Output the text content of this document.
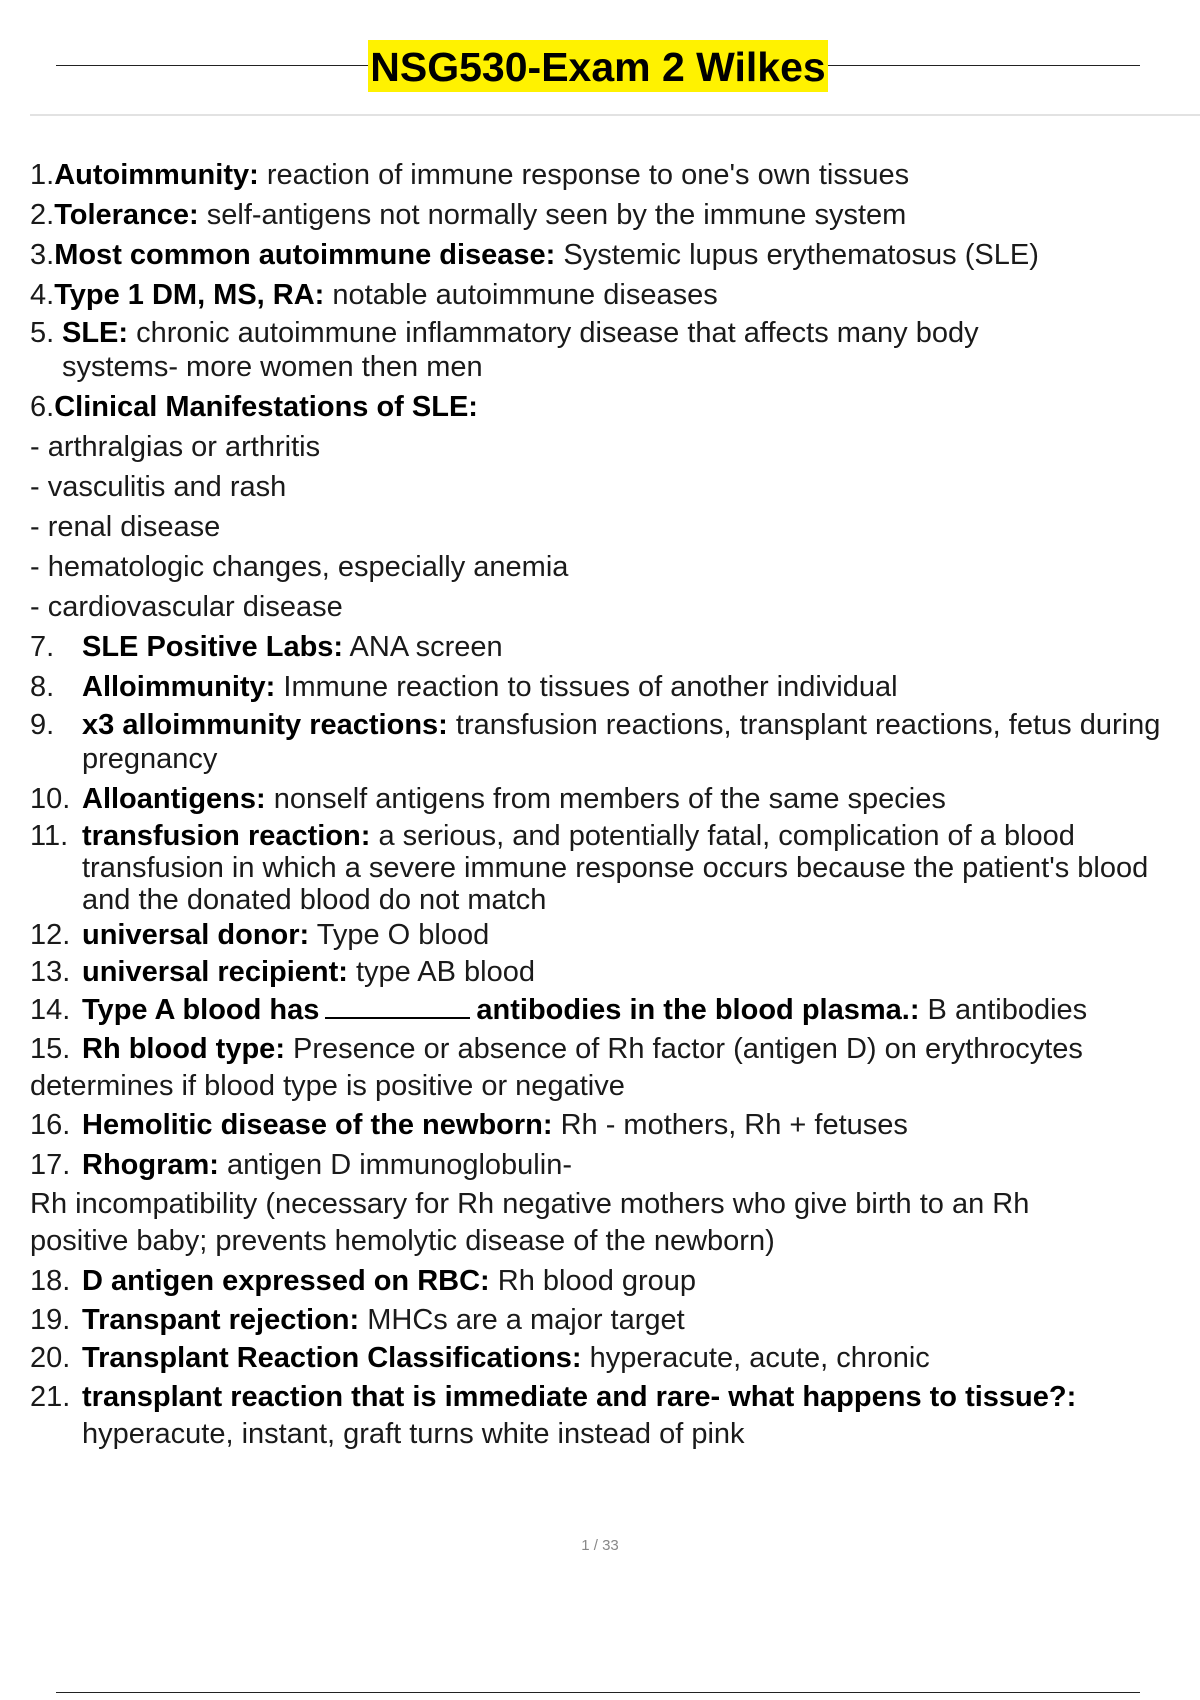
NSG530-Exam 2 Wilkes
1. Autoimmunity: reaction of immune response to one's own tissues
2. Tolerance: self-antigens not normally seen by the immune system
3. Most common autoimmune disease: Systemic lupus erythematosus (SLE)
4. Type 1 DM, MS, RA: notable autoimmune diseases
5. SLE: chronic autoimmune inflammatory disease that affects many body systems- more women then men
6. Clinical Manifestations of SLE:
- arthralgias or arthritis
- vasculitis and rash
- renal disease
- hematologic changes, especially anemia
- cardiovascular disease
7. SLE Positive Labs: ANA screen
8. Alloimmunity: Immune reaction to tissues of another individual
9. x3 alloimmunity reactions: transfusion reactions, transplant reactions, fetus during pregnancy
10. Alloantigens: nonself antigens from members of the same species
11. transfusion reaction: a serious, and potentially fatal, complication of a blood transfusion in which a severe immune response occurs because the patient's blood and the donated blood do not match
12. universal donor: Type O blood
13. universal recipient: type AB blood
14. Type A blood has	antibodies in the blood plasma.: B antibodies
15. Rh blood type: Presence or absence of Rh factor (antigen D) on erythrocytes
determines if blood type is positive or negative
16. Hemolitic disease of the newborn: Rh - mothers, Rh + fetuses
17. Rhogram: antigen D immunoglobulin-
Rh incompatibility (necessary for Rh negative mothers who give birth to an Rh positive baby; prevents hemolytic disease of the newborn)
18. D antigen expressed on RBC: Rh blood group
19. Transpant rejection: MHCs are a major target
20. Transplant Reaction Classifications: hyperacute, acute, chronic
21. transplant reaction that is immediate and rare- what happens to tissue?: hyperacute, instant, graft turns white instead of pink
1 / 33
